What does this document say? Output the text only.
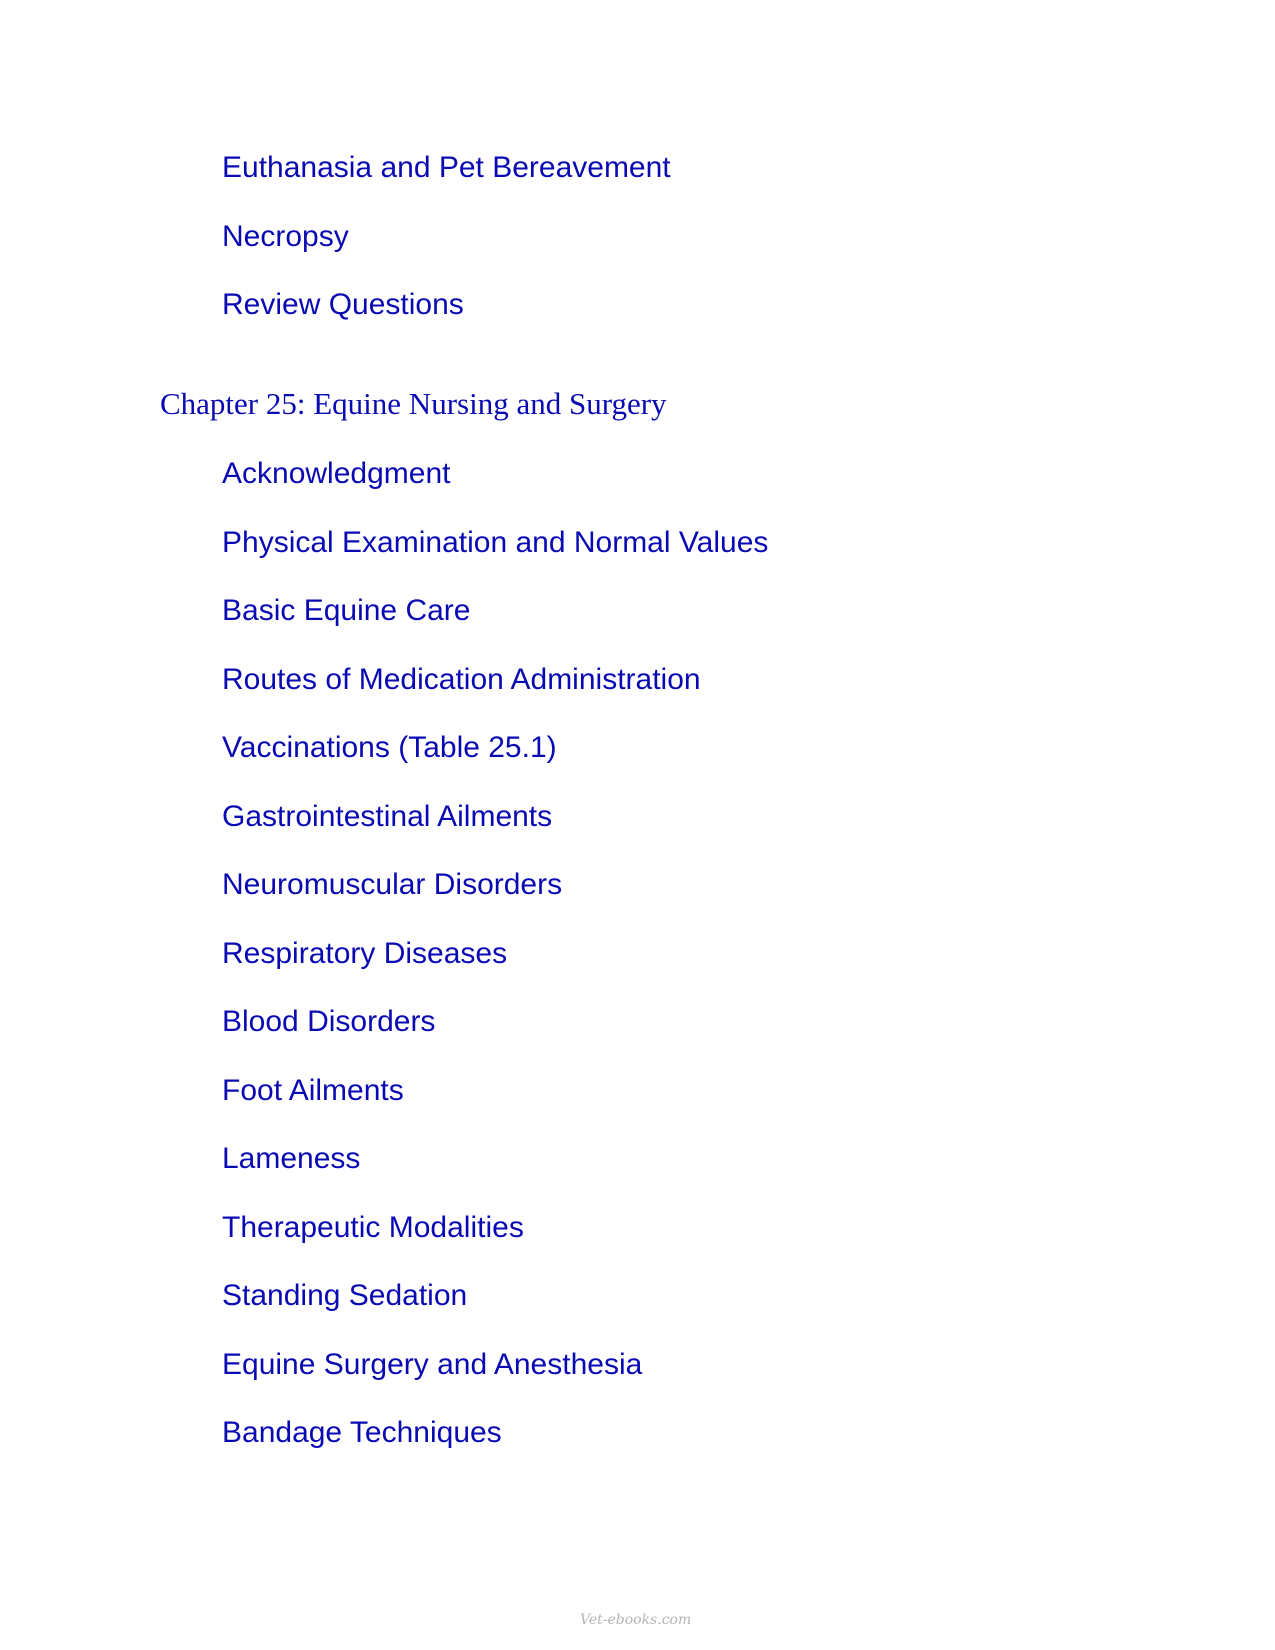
Euthanasia and Pet Bereavement
Necropsy
Review Questions
Chapter 25: Equine Nursing and Surgery
Acknowledgment
Physical Examination and Normal Values
Basic Equine Care
Routes of Medication Administration
Vaccinations (Table 25.1)
Gastrointestinal Ailments
Neuromuscular Disorders
Respiratory Diseases
Blood Disorders
Foot Ailments
Lameness
Therapeutic Modalities
Standing Sedation
Equine Surgery and Anesthesia
Bandage Techniques
Vet-ebooks.com
